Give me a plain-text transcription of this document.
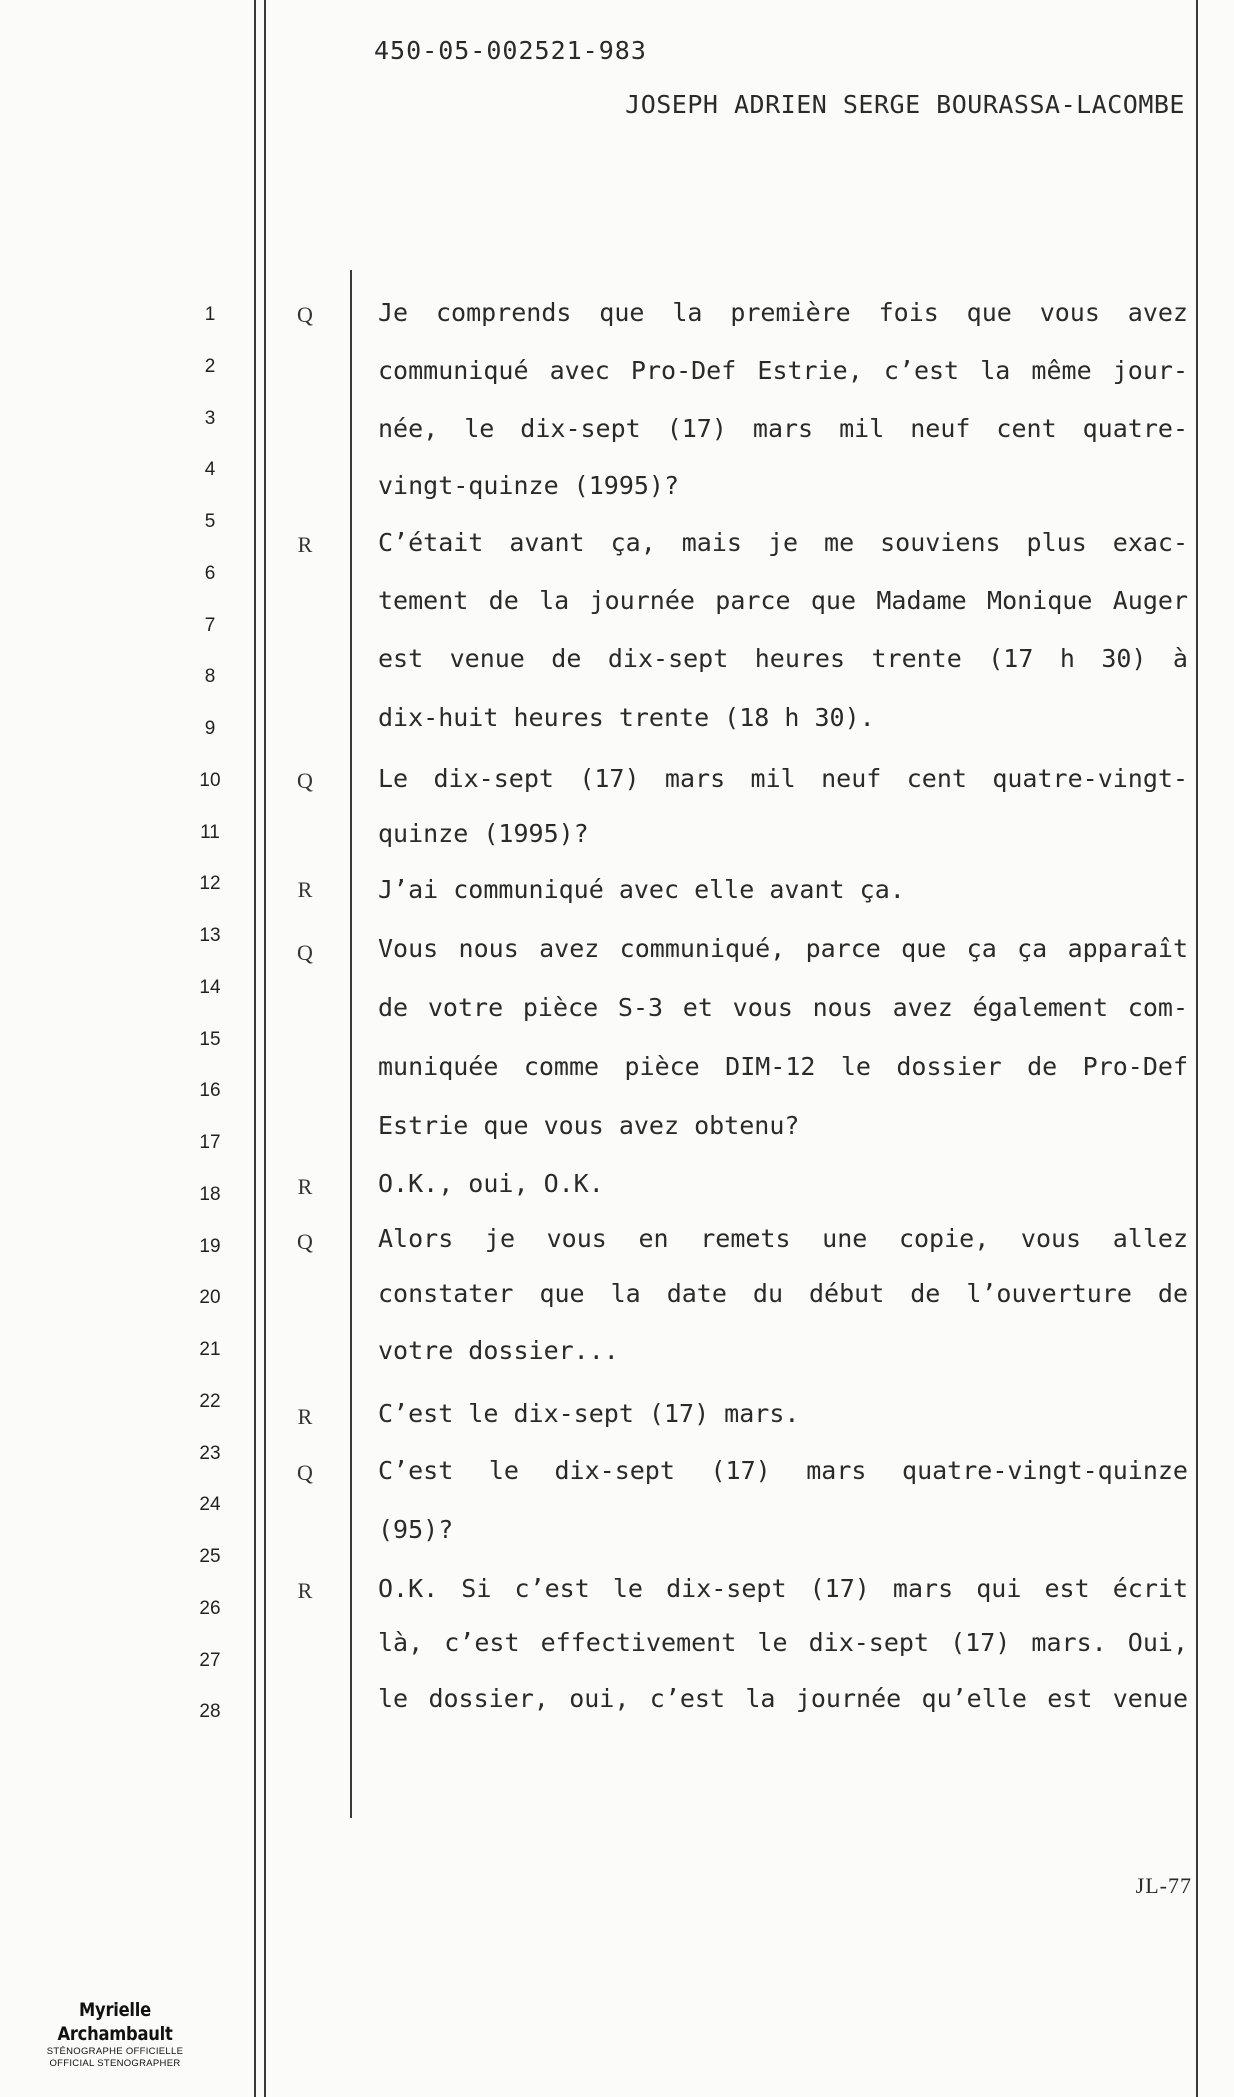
450-05-002521-983
JOSEPH ADRIEN SERGE BOURASSA-LACOMBE
1
2
3
4
5
6
7
8
9
10
11
12
13
14
15
16
17
18
19
20
21
22
23
24
25
26
27
28
Q
R
Q
R
Q
R
Q
R
Q
R
Je comprends que la première fois que vous avez
communiqué avec Pro-Def Estrie, c’est la même jour-
née, le dix-sept (17) mars mil neuf cent quatre-
vingt-quinze (1995)?
C’était avant ça, mais je me souviens plus exac-
tement de la journée parce que Madame Monique Auger
est venue de dix-sept heures trente (17 h 30) à
dix-huit heures trente (18 h 30).
Le dix-sept (17) mars mil neuf cent quatre-vingt-
quinze (1995)?
J’ai communiqué avec elle avant ça.
Vous nous avez communiqué, parce que ça ça apparaît
de votre pièce S-3 et vous nous avez également com-
muniquée comme pièce DIM-12 le dossier de Pro-Def
Estrie que vous avez obtenu?
O.K., oui, O.K.
Alors je vous en remets une copie, vous allez
constater que la date du début de l’ouverture de
votre dossier...
C’est le dix-sept (17) mars.
C’est le dix-sept (17) mars quatre-vingt-quinze
(95)?
O.K. Si c’est le dix-sept (17) mars qui est écrit
là, c’est effectivement le dix-sept (17) mars. Oui,
le dossier, oui, c’est la journée qu’elle est venue
JL-77
Myrielle Archambault
STÉNOGRAPHE OFFICIELLE
OFFICIAL STENOGRAPHER
